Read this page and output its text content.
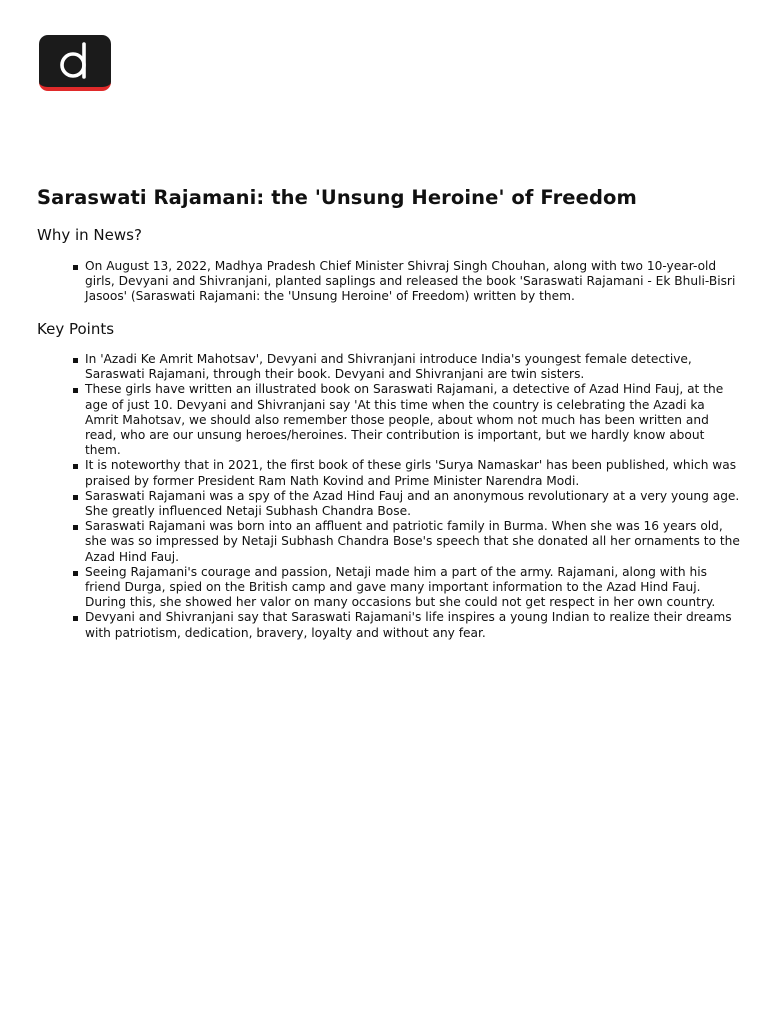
Saraswati Rajamani: the 'Unsung Heroine' of Freedom
Why in News?
On August 13, 2022, Madhya Pradesh Chief Minister Shivraj Singh Chouhan, along with two 10-year-old girls, Devyani and Shivranjani, planted saplings and released the book 'Saraswati Rajamani - Ek Bhuli-Bisri Jasoos' (Saraswati Rajamani: the 'Unsung Heroine' of Freedom) written by them.
Key Points
In 'Azadi Ke Amrit Mahotsav', Devyani and Shivranjani introduce India's youngest female detective, Saraswati Rajamani, through their book. Devyani and Shivranjani are twin sisters.
These girls have written an illustrated book on Saraswati Rajamani, a detective of Azad Hind Fauj, at the age of just 10. Devyani and Shivranjani say 'At this time when the country is celebrating the Azadi ka Amrit Mahotsav, we should also remember those people, about whom not much has been written and read, who are our unsung heroes/heroines. Their contribution is important, but we hardly know about them.
It is noteworthy that in 2021, the first book of these girls 'Surya Namaskar' has been published, which was praised by former President Ram Nath Kovind and Prime Minister Narendra Modi.
Saraswati Rajamani was a spy of the Azad Hind Fauj and an anonymous revolutionary at a very young age. She greatly influenced Netaji Subhash Chandra Bose.
Saraswati Rajamani was born into an affluent and patriotic family in Burma. When she was 16 years old, she was so impressed by Netaji Subhash Chandra Bose's speech that she donated all her ornaments to the Azad Hind Fauj.
Seeing Rajamani's courage and passion, Netaji made him a part of the army. Rajamani, along with his friend Durga, spied on the British camp and gave many important information to the Azad Hind Fauj. During this, she showed her valor on many occasions but she could not get respect in her own country.
Devyani and Shivranjani say that Saraswati Rajamani's life inspires a young Indian to realize their dreams with patriotism, dedication, bravery, loyalty and without any fear.
